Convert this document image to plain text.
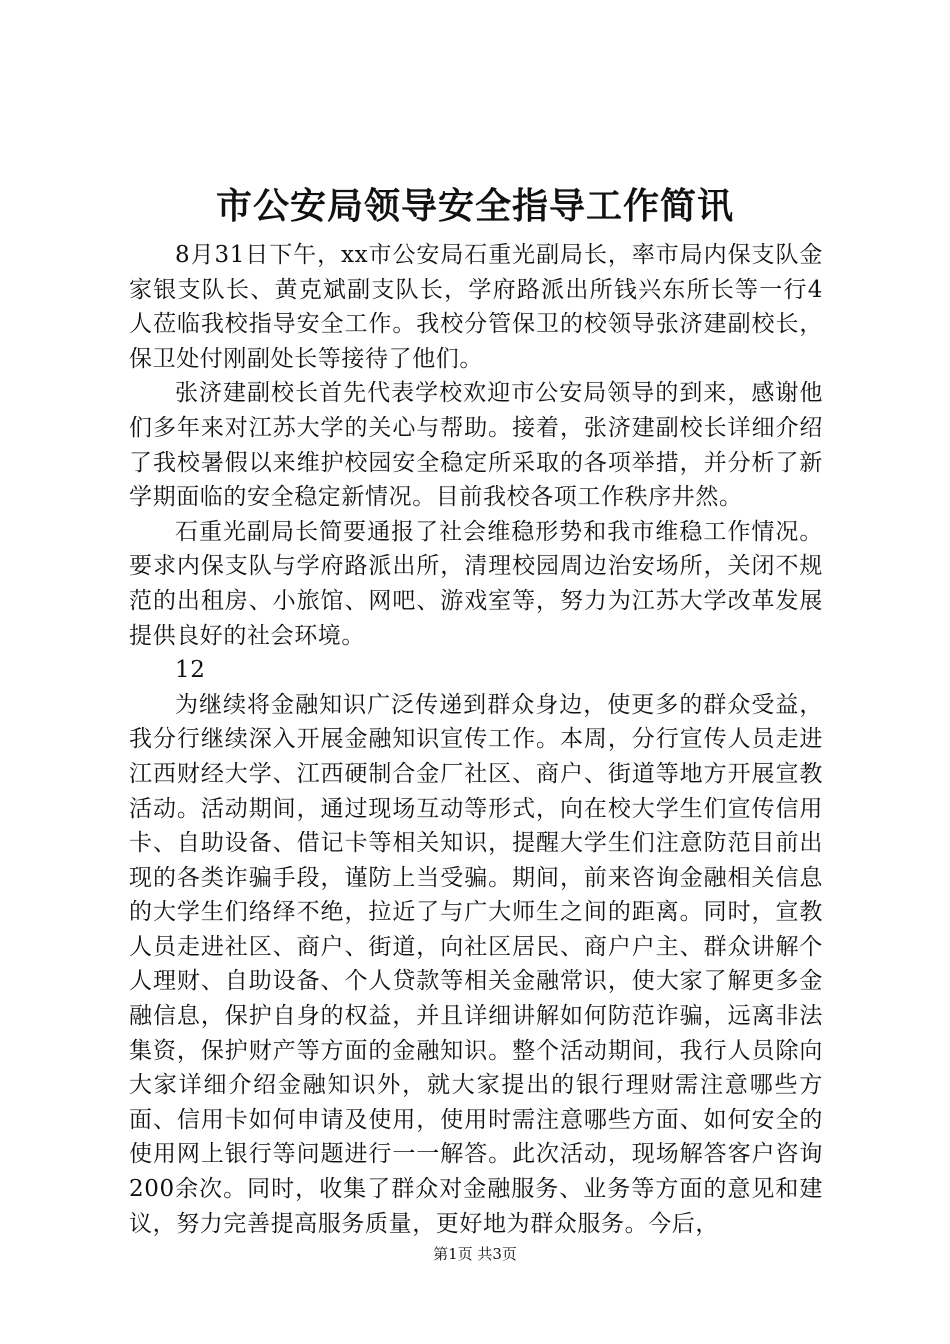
市公安局领导安全指导工作简讯

8月31日下午，xx市公安局石重光副局长，率市局内保支队金家银支队长、黄克斌副支队长，学府路派出所钱兴东所长等一行4人莅临我校指导安全工作。我校分管保卫的校领导张济建副校长，保卫处付刚副处长等接待了他们。

张济建副校长首先代表学校欢迎市公安局领导的到来，感谢他们多年来对江苏大学的关心与帮助。接着，张济建副校长详细介绍了我校暑假以来维护校园安全稳定所采取的各项举措，并分析了新学期面临的安全稳定新情况。目前我校各项工作秩序井然。

石重光副局长简要通报了社会维稳形势和我市维稳工作情况。要求内保支队与学府路派出所，清理校园周边治安场所，关闭不规范的出租房、小旅馆、网吧、游戏室等，努力为江苏大学改革发展提供良好的社会环境。

12

为继续将金融知识广泛传递到群众身边，使更多的群众受益，我分行继续深入开展金融知识宣传工作。本周，分行宣传人员走进江西财经大学、江西硬制合金厂社区、商户、街道等地方开展宣教活动。活动期间，通过现场互动等形式，向在校大学生们宣传信用卡、自助设备、借记卡等相关知识，提醒大学生们注意防范目前出现的各类诈骗手段，谨防上当受骗。期间，前来咨询金融相关信息的大学生们络绎不绝，拉近了与广大师生之间的距离。同时，宣教人员走进社区、商户、街道，向社区居民、商户户主、群众讲解个人理财、自助设备、个人贷款等相关金融常识，使大家了解更多金融信息，保护自身的权益，并且详细讲解如何防范诈骗，远离非法集资，保护财产等方面的金融知识。整个活动期间，我行人员除向大家详细介绍金融知识外，就大家提出的银行理财需注意哪些方面、信用卡如何申请及使用，使用时需注意哪些方面、如何安全的使用网上银行等问题进行一一解答。此次活动，现场解答客户咨询200余次。同时，收集了群众对金融服务、业务等方面的意见和建议，努力完善提高服务质量，更好地为群众服务。今后，

第1页 共3页
